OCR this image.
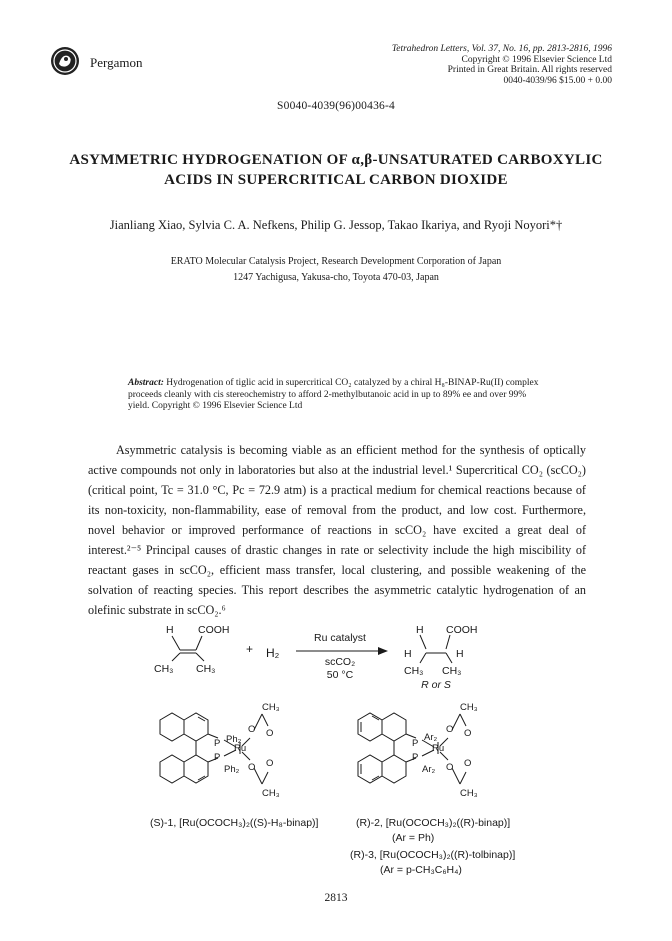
Pergamon
Tetrahedron Letters, Vol. 37, No. 16, pp. 2813-2816, 1996
Copyright © 1996 Elsevier Science Ltd
Printed in Great Britain. All rights reserved
0040-4039/96 $15.00 + 0.00
S0040-4039(96)00436-4
ASYMMETRIC HYDROGENATION OF α,β-UNSATURATED CARBOXYLIC
ACIDS IN SUPERCRITICAL CARBON DIOXIDE
Jianliang Xiao, Sylvia C. A. Nefkens, Philip G. Jessop, Takao Ikariya, and Ryoji Noyori*†
ERATO Molecular Catalysis Project, Research Development Corporation of Japan
1247 Yachigusa, Yakusa-cho, Toyota 470-03, Japan
Abstract: Hydrogenation of tiglic acid in supercritical CO₂ catalyzed by a chiral H₈-BINAP-Ru(II) complex proceeds cleanly with cis stereochemistry to afford 2-methylbutanoic acid in up to 89% ee and over 99% yield. Copyright © 1996 Elsevier Science Ltd
Asymmetric catalysis is becoming viable as an efficient method for the synthesis of optically active compounds not only in laboratories but also at the industrial level.¹ Supercritical CO₂ (scCO₂) (critical point, Tc = 31.0 °C, Pc = 72.9 atm) is a practical medium for chemical reactions because of its non-toxicity, non-flammability, ease of removal from the product, and low cost. Furthermore, novel behavior or improved performance of reactions in scCO₂ have excited a great deal of interest.²⁻⁵ Principal causes of drastic changes in rate or selectivity include the high miscibility of reactant gases in scCO₂, efficient mass transfer, local clustering, and possible weakening of the solvation of reacting species. This report describes the asymmetric catalytic hydrogenation of an olefinic substrate in scCO₂.⁶
H COOH
CH₃ CH₃
+ H₂
Ru catalyst
scCO₂
50 °C
H COOH
H	H
CH₃ CH₃
R or S
Ph₂
P Ru
P
Ph₂
O O
O O
CH₃
CH₃
Ar₂
P Ru
P
Ar₂
O O
O O
CH₃
CH₃
(S)-1, [Ru(OCOCH₃)₂((S)-H₈-binap)]	(R)-2, [Ru(OCOCH₃)₂((R)-binap)]
(Ar = Ph)
(R)-3, [Ru(OCOCH₃)₂((R)-tolbinap)]
(Ar = p-CH₃C₆H₄)
2813
